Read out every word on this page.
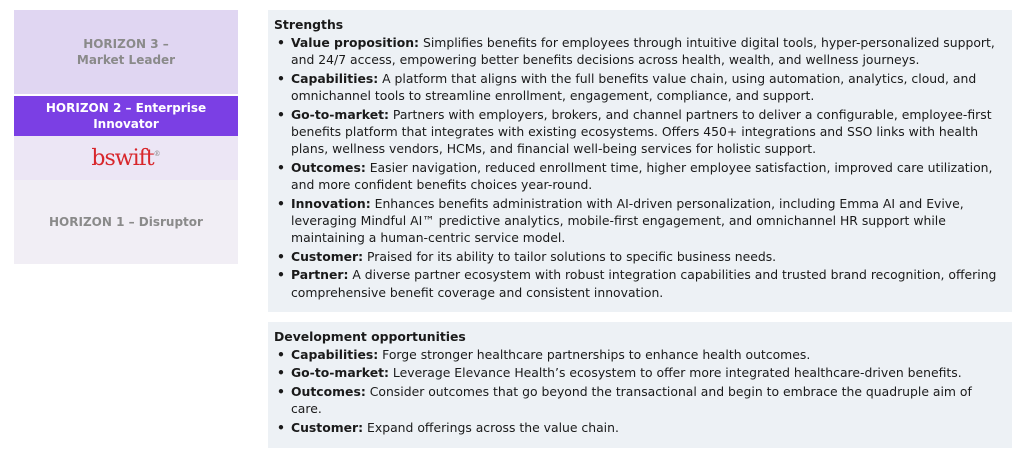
HORIZON 3 –
Market Leader
HORIZON 2 – Enterprise
Innovator
bswift®
HORIZON 1 – Disruptor
Strengths
• Value proposition: Simplifies benefits for employees through intuitive digital tools, hyper-personalized support, and 24/7 access, empowering better benefits decisions across health, wealth, and wellness journeys.
• Capabilities: A platform that aligns with the full benefits value chain, using automation, analytics, cloud, and omnichannel tools to streamline enrollment, engagement, compliance, and support.
• Go-to-market: Partners with employers, brokers, and channel partners to deliver a configurable, employee-first benefits platform that integrates with existing ecosystems. Offers 450+ integrations and SSO links with health plans, wellness vendors, HCMs, and financial well-being services for holistic support.
• Outcomes: Easier navigation, reduced enrollment time, higher employee satisfaction, improved care utilization, and more confident benefits choices year-round.
• Innovation: Enhances benefits administration with AI-driven personalization, including Emma AI and Evive, leveraging Mindful AI™ predictive analytics, mobile-first engagement, and omnichannel HR support while maintaining a human-centric service model.
• Customer: Praised for its ability to tailor solutions to specific business needs.
• Partner: A diverse partner ecosystem with robust integration capabilities and trusted brand recognition, offering comprehensive benefit coverage and consistent innovation.
Development opportunities
• Capabilities: Forge stronger healthcare partnerships to enhance health outcomes.
• Go-to-market: Leverage Elevance Health’s ecosystem to offer more integrated healthcare-driven benefits.
• Outcomes: Consider outcomes that go beyond the transactional and begin to embrace the quadruple aim of care.
• Customer: Expand offerings across the value chain.
